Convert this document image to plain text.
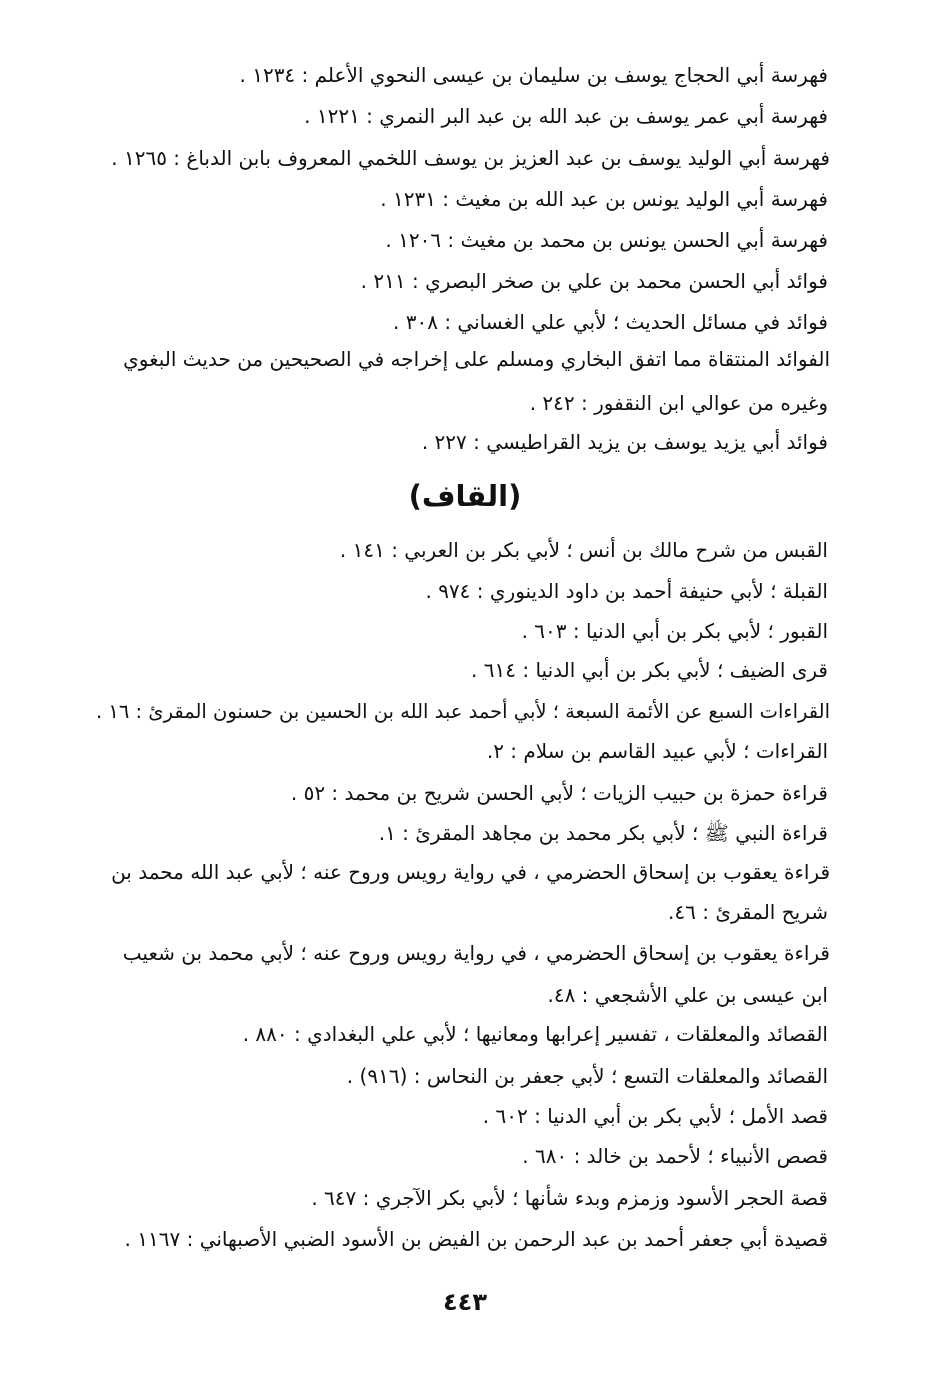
فهرسة أبي الحجاج يوسف بن سليمان بن عيسى النحوي الأعلم : ١٢٣٤ .
فهرسة أبي عمر يوسف بن عبد الله بن عبد البر النمري : ١٢٢١ .
فهرسة أبي الوليد يوسف بن عبد العزيز بن يوسف اللخمي المعروف بابن الدباغ : ١٢٦٥ .
فهرسة أبي الوليد يونس بن عبد الله بن مغيث : ١٢٣١ .
فهرسة أبي الحسن يونس بن محمد بن مغيث : ١٢٠٦ .
فوائد أبي الحسن محمد بن علي بن صخر البصري : ٢١١ .
فوائد في مسائل الحديث ؛ لأبي علي الغساني : ٣٠٨ .
الفوائد المنتقاة مما اتفق البخاري ومسلم على إخراجه في الصحيحين من حديث البغوي
وغيره من عوالي ابن النقفور : ٢٤٢ .
فوائد أبي يزيد يوسف بن يزيد القراطيسي : ٢٢٧ .
(القاف)
القبس من شرح مالك بن أنس ؛ لأبي بكر بن العربي : ١٤١ .
القبلة ؛ لأبي حنيفة أحمد بن داود الدينوري : ٩٧٤ .
القبور ؛ لأبي بكر بن أبي الدنيا : ٦٠٣ .
قرى الضيف ؛ لأبي بكر بن أبي الدنيا : ٦١٤ .
القراءات السبع عن الأئمة السبعة ؛ لأبي أحمد عبد الله بن الحسين بن حسنون المقرئ : ١٦ .
القراءات ؛ لأبي عبيد القاسم بن سلام : ٢.
قراءة حمزة بن حبيب الزيات ؛ لأبي الحسن شريح بن محمد : ٥٢ .
قراءة النبي ﷺ ؛ لأبي بكر محمد بن مجاهد المقرئ : ١.
قراءة يعقوب بن إسحاق الحضرمي ، في رواية رويس وروح عنه ؛ لأبي عبد الله محمد بن
شريح المقرئ : ٤٦.
قراءة يعقوب بن إسحاق الحضرمي ، في رواية رويس وروح عنه ؛ لأبي محمد بن شعيب
ابن عيسى بن علي الأشجعي : ٤٨.
القصائد والمعلقات ، تفسير إعرابها ومعانيها ؛ لأبي علي البغدادي : ٨٨٠ .
القصائد والمعلقات التسع ؛ لأبي جعفر بن النحاس : (٩١٦) .
قصد الأمل ؛ لأبي بكر بن أبي الدنيا : ٦٠٢ .
قصص الأنبياء ؛ لأحمد بن خالد : ٦٨٠ .
قصة الحجر الأسود وزمزم وبدء شأنها ؛ لأبي بكر الآجري : ٦٤٧ .
قصيدة أبي جعفر أحمد بن عبد الرحمن بن الفيض بن الأسود الضبي الأصبهاني : ١١٦٧ .
٤٤٣
